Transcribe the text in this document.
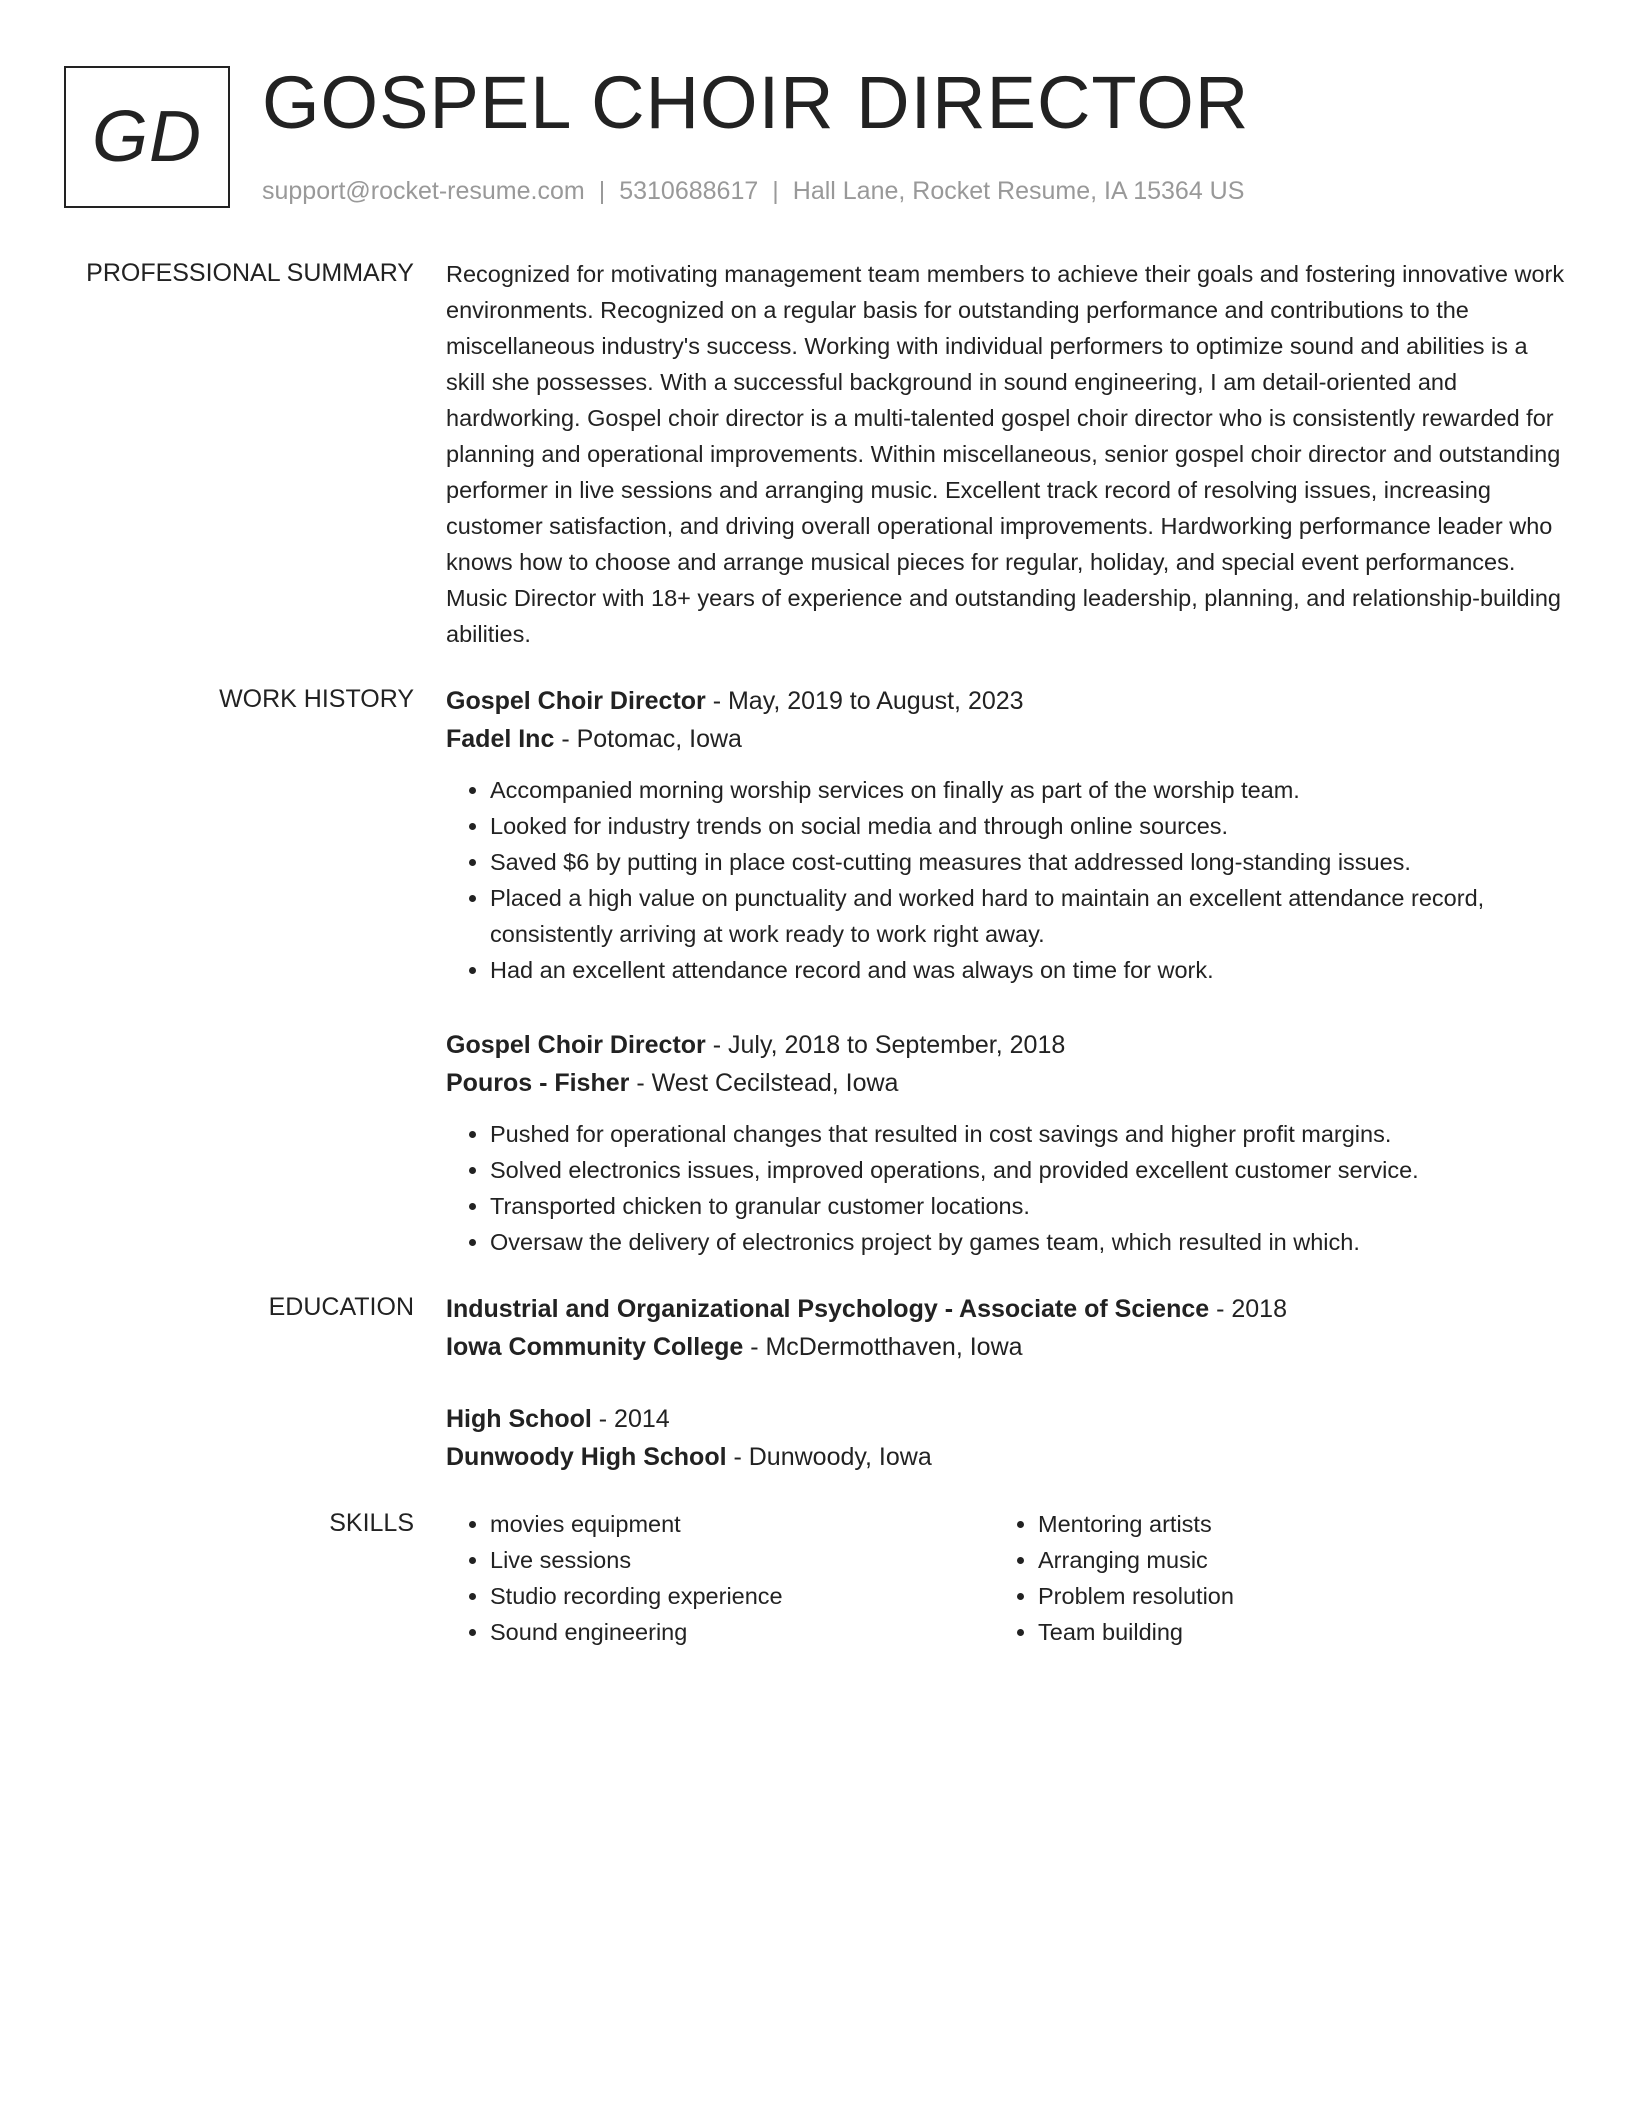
GD GOSPEL CHOIR DIRECTOR
support@rocket-resume.com | 5310688617 | Hall Lane, Rocket Resume, IA 15364 US
PROFESSIONAL SUMMARY Recognized for motivating management team members to achieve their goals and fostering innovative work environments. Recognized on a regular basis for outstanding performance and contributions to the miscellaneous industry's success. Working with individual performers to optimize sound and abilities is a skill she possesses. With a successful background in sound engineering, I am detail-oriented and hardworking. Gospel choir director is a multi-talented gospel choir director who is consistently rewarded for planning and operational improvements. Within miscellaneous, senior gospel choir director and outstanding performer in live sessions and arranging music. Excellent track record of resolving issues, increasing customer satisfaction, and driving overall operational improvements. Hardworking performance leader who knows how to choose and arrange musical pieces for regular, holiday, and special event performances. Music Director with 18+ years of experience and outstanding leadership, planning, and relationship-building abilities.

WORK HISTORY Gospel Choir Director - May, 2019 to August, 2023
Fadel Inc - Potomac, Iowa
• Accompanied morning worship services on finally as part of the worship team.
• Looked for industry trends on social media and through online sources.
• Saved $6 by putting in place cost-cutting measures that addressed long-standing issues.
• Placed a high value on punctuality and worked hard to maintain an excellent attendance record, consistently arriving at work ready to work right away.
• Had an excellent attendance record and was always on time for work.
Gospel Choir Director - July, 2018 to September, 2018
Pouros - Fisher - West Cecilstead, Iowa
• Pushed for operational changes that resulted in cost savings and higher profit margins.
• Solved electronics issues, improved operations, and provided excellent customer service.
• Transported chicken to granular customer locations.
• Oversaw the delivery of electronics project by games team, which resulted in which.
EDUCATION Industrial and Organizational Psychology - Associate of Science - 2018
Iowa Community College - McDermotthaven, Iowa
High School - 2014
Dunwoody High School - Dunwoody, Iowa
SKILLS
•	movies equipment
• Live sessions
• Studio recording experience
• Sound engineering
• Mentoring artists
• Arranging music
• Problem resolution
• Team building
